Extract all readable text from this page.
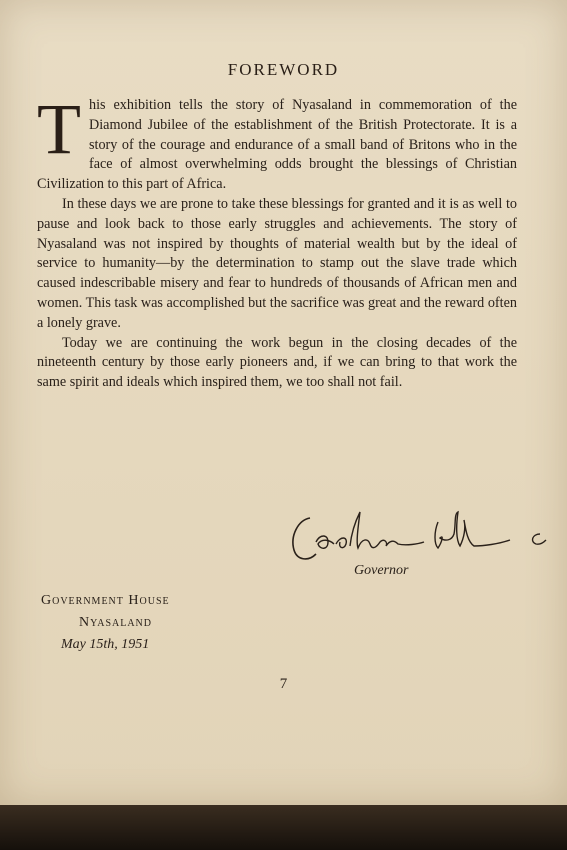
FOREWORD

This exhibition tells the story of Nyasaland in commemoration of the Diamond Jubilee of the establishment of the British Protectorate. It is a story of the courage and endurance of a small band of Britons who in the face of almost overwhelming odds brought the blessings of Christian Civilization to this part of Africa.

In these days we are prone to take these blessings for granted and it is as well to pause and look back to those early struggles and achievements. The story of Nyasaland was not inspired by thoughts of material wealth but by the ideal of service to humanity—by the determination to stamp out the slave trade which caused indescribable misery and fear to hundreds of thousands of African men and women. This task was accomplished but the sacrifice was great and the reward often a lonely grave.

Today we are continuing the work begun in the closing decades of the nineteenth century by those early pioneers and, if we can bring to that work the same spirit and ideals which inspired them, we too shall not fail.

Governor
Government House
Nyasaland
May 15th, 1951
7
